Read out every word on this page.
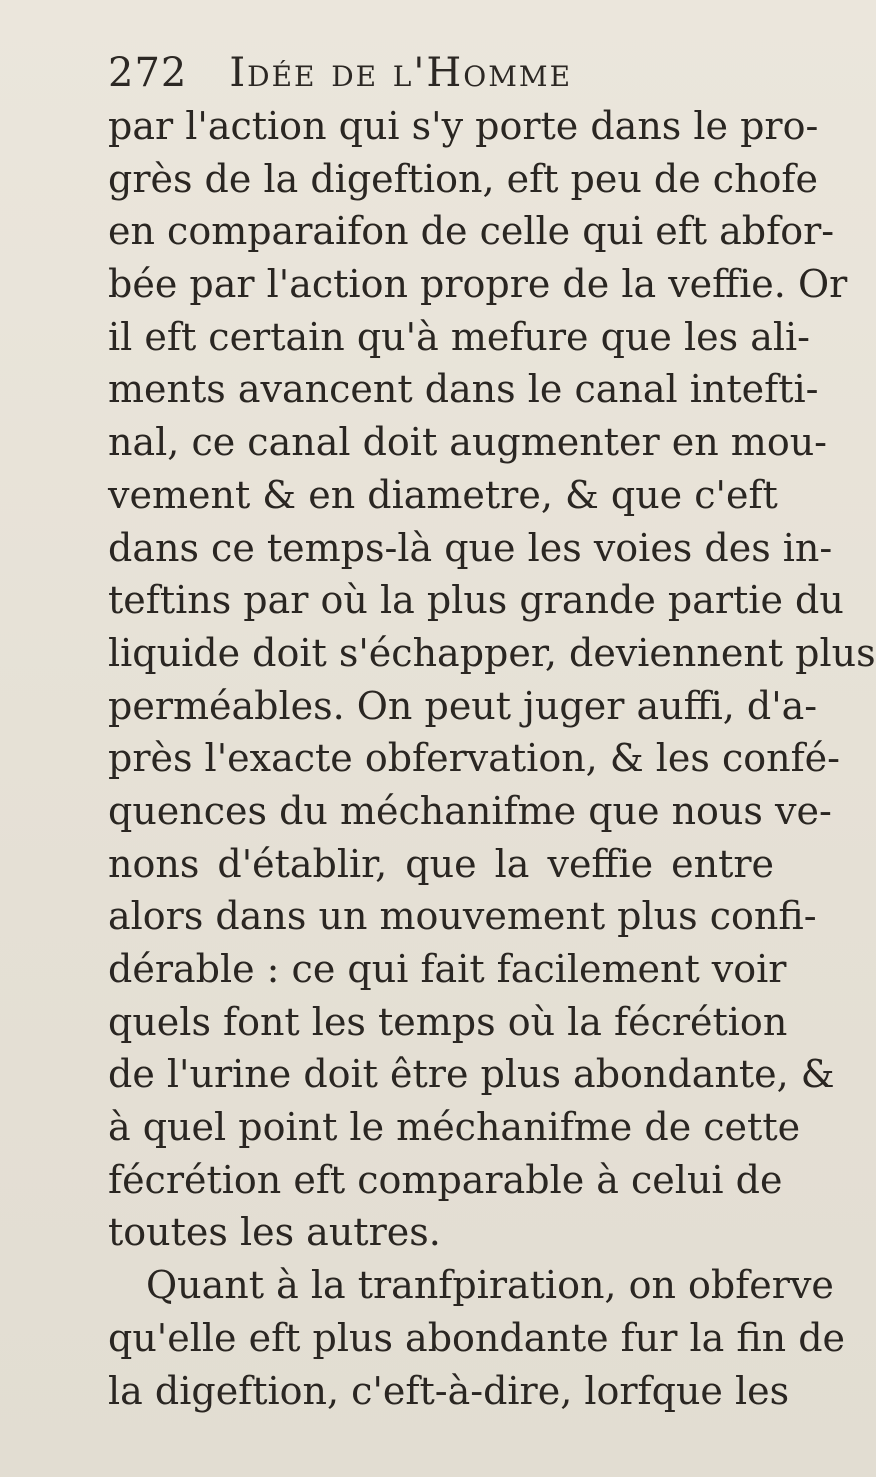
272 Idée de l'Homme
par l'action qui s'y porte dans le pro-
grès de la digeftion, eft peu de chofe
en comparaifon de celle qui eft abfor-
bée par l'action propre de la veffie. Or
il eft certain qu'à mefure que les ali-
ments avancent dans le canal intefti-
nal, ce canal doit augmenter en mou-
vement & en diametre, & que c'eft
dans ce temps-là que les voies des in-
teftins par où la plus grande partie du
liquide doit s'échapper, deviennent plus
perméables. On peut juger auffi, d'a-
près l'exacte obfervation, & les confé-
quences du méchanifme que nous ve-
nons d'établir, que la veffie entre
alors dans un mouvement plus confi-
dérable : ce qui fait facilement voir
quels font les temps où la fécrétion
de l'urine doit être plus abondante, &
à quel point le méchanifme de cette
fécrétion eft comparable à celui de
toutes les autres.
Quant à la tranfpiration, on obferve
qu'elle eft plus abondante fur la fin de
la digeftion, c'eft-à-dire, lorfque les
